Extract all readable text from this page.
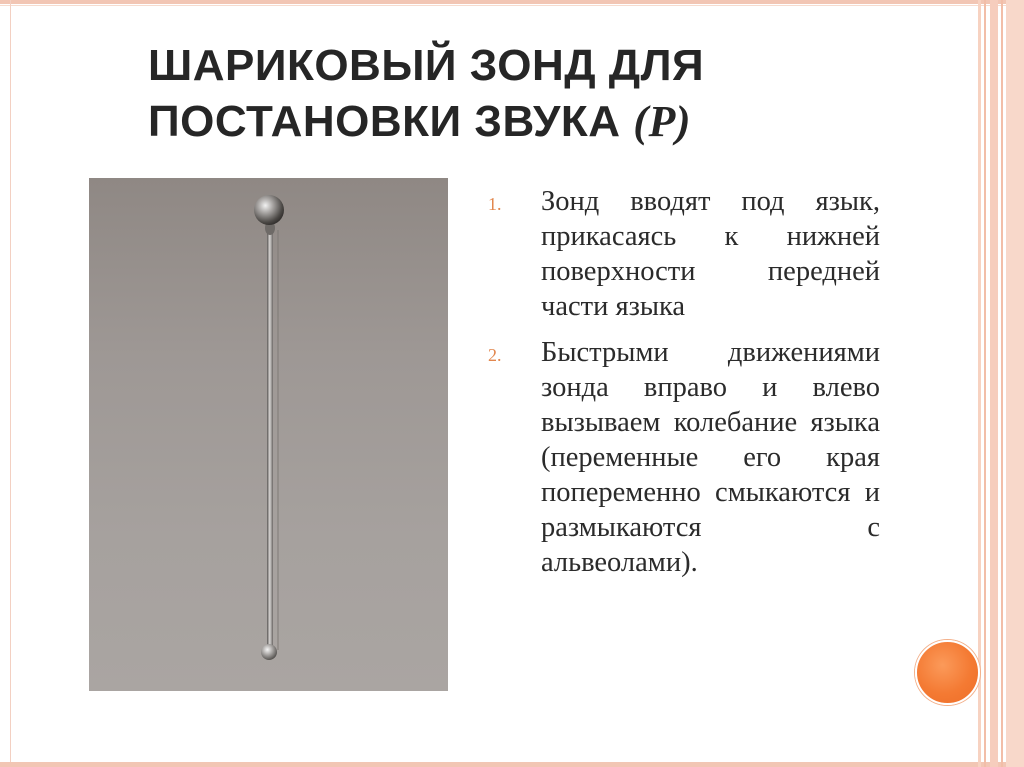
ШАРИКОВЫЙ ЗОНД ДЛЯ ПОСТАНОВКИ ЗВУКА (Р)
1. Зонд вводят под язык, прикасаясь к нижней поверхности передней части языка
2. Быстрыми движениями зонда вправо и влево вызываем колебание языка (переменные его края попеременно смыкаются и размыкаются с альвеолами).
